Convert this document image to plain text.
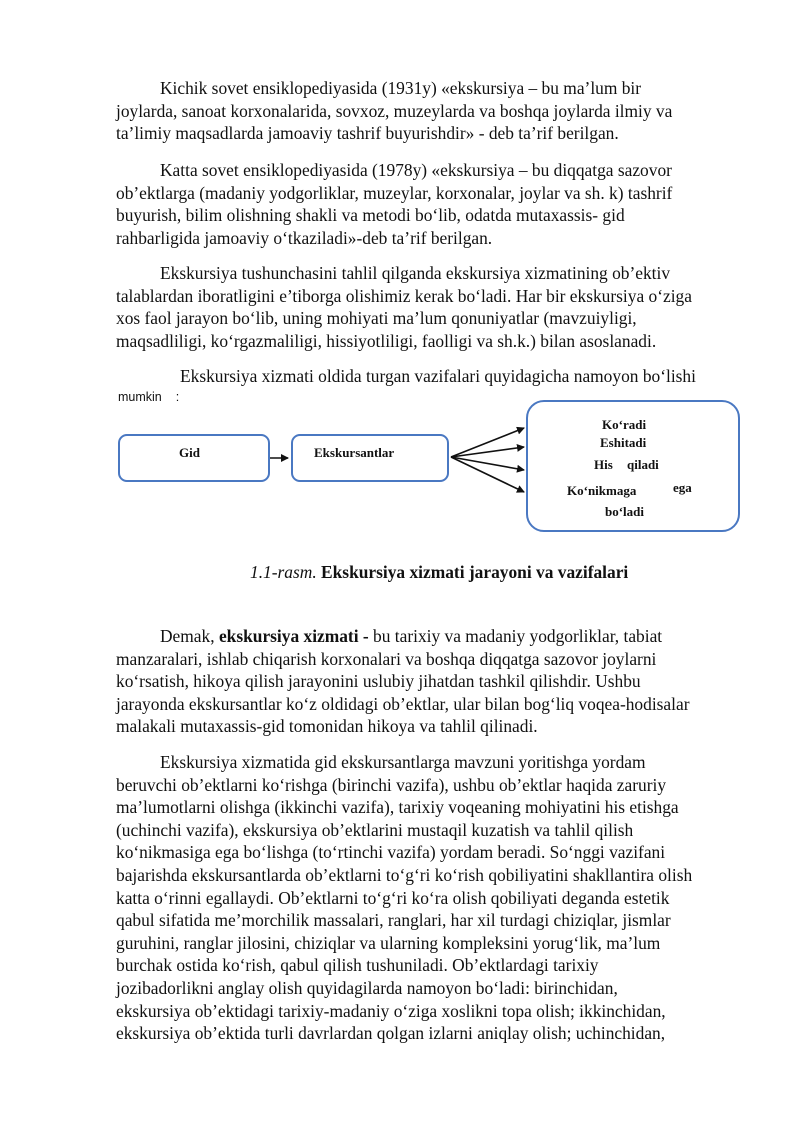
Kichik sovet ensiklopediyasida (1931y) «ekskursiya – bu ma’lum bir
joylarda, sanoat korxonalarida, sovxoz, muzeylarda va boshqa joylarda ilmiy va
ta’limiy maqsadlarda jamoaviy tashrif buyurishdir» - deb ta’rif berilgan.
Katta sovet ensiklopediyasida (1978y) «ekskursiya – bu diqqatga sazovor
ob’ektlarga (madaniy yodgorliklar, muzeylar, korxonalar, joylar va sh. k) tashrif
buyurish, bilim olishning shakli va metodi bo‘lib, odatda mutaxassis- gid
rahbarligida jamoaviy o‘tkaziladi»-deb ta’rif berilgan.
Ekskursiya tushunchasini tahlil qilganda ekskursiya xizmatining ob’ektiv
talablardan iboratligini e’tiborga olishimiz kerak bo‘ladi. Har bir ekskursiya o‘ziga
xos faol jarayon bo‘lib, uning mohiyati ma’lum qonuniyatlar (mavzuiyligi,
maqsadliligi, ko‘rgazmaliligi, hissiyotliligi, faolligi va sh.k.) bilan asoslanadi.
Ekskursiya xizmati oldida turgan vazifalari quyidagicha namoyon bo‘lishi
mumkin :
Gid	Ekskursantlar
Ko‘radi
Eshitadi
His qiladi
Ko‘nikmaga	ega
bo‘ladi
1.1-rasm. Ekskursiya xizmati jarayoni va vazifalari
Demak, ekskursiya xizmati - bu tarixiy va madaniy yodgorliklar, tabiat
manzaralari, ishlab chiqarish korxonalari va boshqa diqqatga sazovor joylarni
ko‘rsatish, hikoya qilish jarayonini uslubiy jihatdan tashkil qilishdir. Ushbu
jarayonda ekskursantlar ko‘z oldidagi ob’ektlar, ular bilan bog‘liq voqea-hodisalar
malakali mutaxassis-gid tomonidan hikoya va tahlil qilinadi.
Ekskursiya xizmatida gid ekskursantlarga mavzuni yoritishga yordam
beruvchi ob’ektlarni ko‘rishga (birinchi vazifa), ushbu ob’ektlar haqida zaruriy
ma’lumotlarni olishga (ikkinchi vazifa), tarixiy voqeaning mohiyatini his etishga
(uchinchi vazifa), ekskursiya ob’ektlarini mustaqil kuzatish va tahlil qilish
ko‘nikmasiga ega bo‘lishga (to‘rtinchi vazifa) yordam beradi. So‘nggi vazifani
bajarishda ekskursantlarda ob’ektlarni to‘g‘ri ko‘rish qobiliyatini shakllantira olish
katta o‘rinni egallaydi. Ob’ektlarni to‘g‘ri ko‘ra olish qobiliyati deganda estetik
qabul sifatida me’morchilik massalari, ranglari, har xil turdagi chiziqlar, jismlar
guruhini, ranglar jilosini, chiziqlar va ularning kompleksini yorug‘lik, ma’lum
burchak ostida ko‘rish, qabul qilish tushuniladi. Ob’ektlardagi tarixiy
jozibadorlikni anglay olish quyidagilarda namoyon bo‘ladi: birinchidan,
ekskursiya ob’ektidagi tarixiy-madaniy o‘ziga xoslikni topa olish; ikkinchidan,
ekskursiya ob’ektida turli davrlardan qolgan izlarni aniqlay olish; uchinchidan,
